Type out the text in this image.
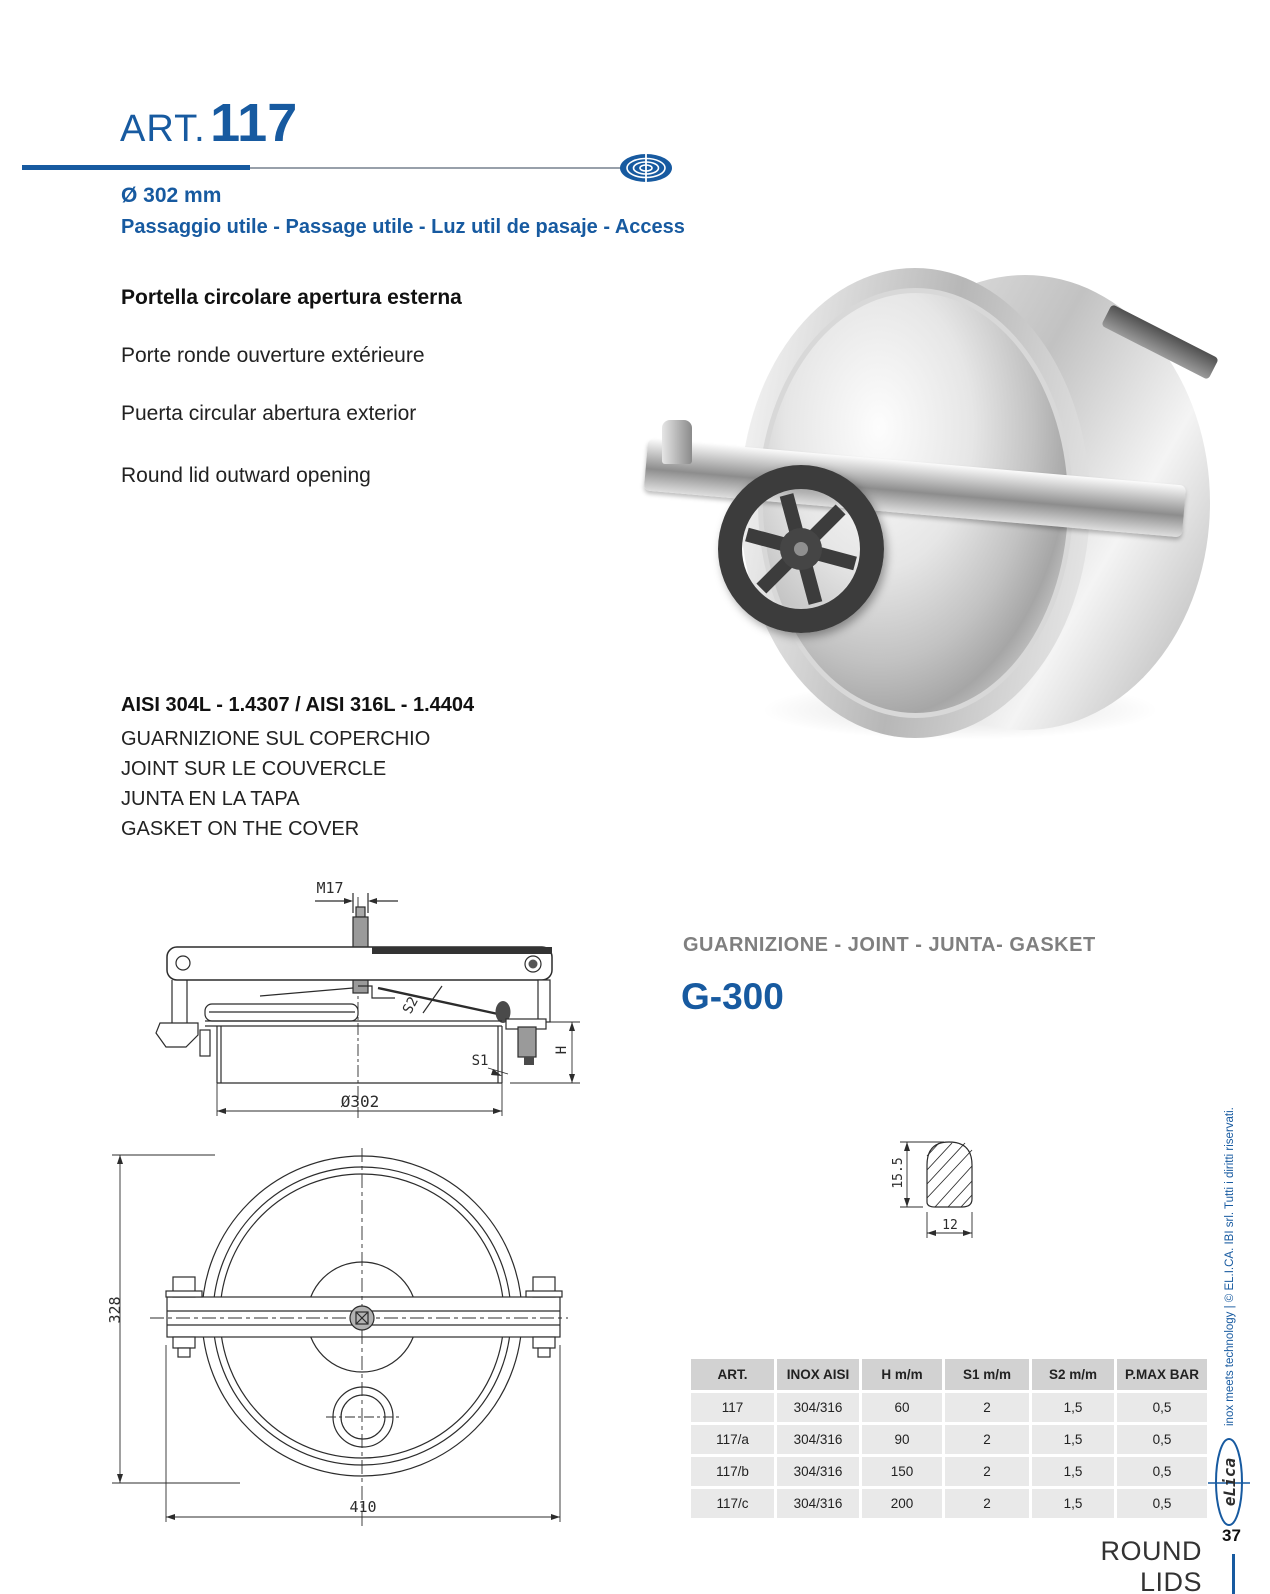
ART. 117
Ø 302 mm
Passaggio utile - Passage utile - Luz util de pasaje - Access
Portella circolare apertura esterna
Porte ronde ouverture extérieure
Puerta circular abertura exterior
Round lid outward opening
AISI 304L - 1.4307 / AISI 316L - 1.4404
GUARNIZIONE SUL COPERCHIO
JOINT SUR LE COUVERCLE
JUNTA EN LA TAPA
GASKET ON THE COVER
M17
S2
S1
H
Ø302
328
410
GUARNIZIONE - JOINT - JUNTA- GASKET
G-300
15.5
12
ART.	INOX AISI	H m/m	S1 m/m	S2 m/m	P.MAX BAR
117	304/316	60	2	1,5	0,5
117/a	304/316	90	2	1,5	0,5
117/b	304/316	150	2	1,5	0,5
117/c	304/316	200	2	1,5	0,5
inox meets technology | © EL.I.CA. IBI srl. Tutti i diritti riservati.
eLica
37
ROUND LIDS
